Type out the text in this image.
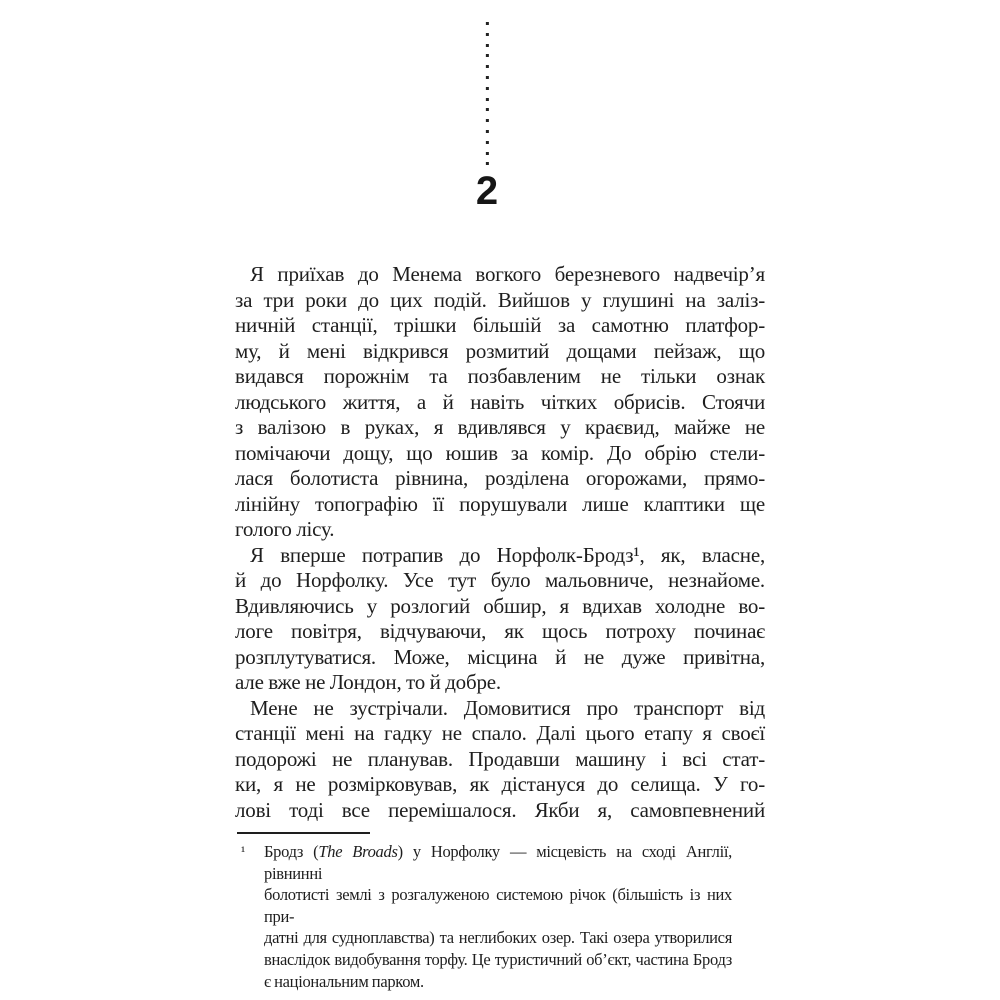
2
Я приїхав до Менема вогкого березневого надвечір’я
за три роки до цих подій. Вийшов у глушині на заліз-
ничній станції, трішки більшій за самотню платфор-
му, й мені відкрився розмитий дощами пейзаж, що
видався порожнім та позбавленим не тільки ознак
людського життя, а й навіть чітких обрисів. Стоячи
з валізою в руках, я вдивлявся у краєвид, майже не
помічаючи дощу, що юшив за комір. До обрію стели-
лася болотиста рівнина, розділена огорожами, прямо-
лінійну топографію її порушували лише клаптики ще
голого лісу.
Я вперше потрапив до Норфолк-Бродз¹, як, власне,
й до Норфолку. Усе тут було мальовниче, незнайоме.
Вдивляючись у розлогий обшир, я вдихав холодне во-
логе повітря, відчуваючи, як щось потроху починає
розплутуватися. Може, місцина й не дуже привітна,
але вже не Лондон, то й добре.
Мене не зустрічали. Домовитися про транспорт від
станції мені на гадку не спало. Далі цього етапу я своєї
подорожі не планував. Продавши машину і всі стат-
ки, я не розмірковував, як дістануся до селища. У го-
лові тоді все перемішалося. Якби я, самовпевнений
¹ Бродз (The Broads) у Норфолку — місцевість на сході Англії, рівнинні
болотисті землі з розгалуженою системою річок (більшість із них при-
датні для судноплавства) та неглибоких озер. Такі озера утворилися
внаслідок видобування торфу. Це туристичний об’єкт, частина Бродз
є національним парком.
